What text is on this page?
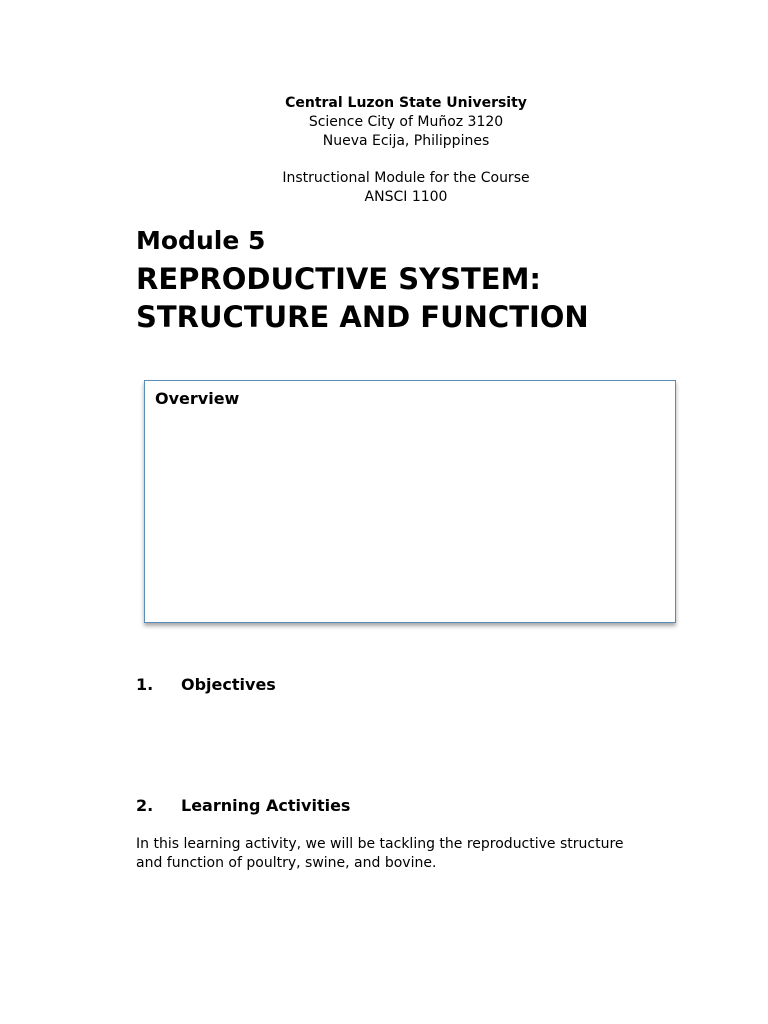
Central Luzon State University
Science City of Muñoz 3120
Nueva Ecija, Philippines
Instructional Module for the Course
ANSCI 1100
Module 5
REPRODUCTIVE SYSTEM:
STRUCTURE AND FUNCTION
Overview
1. Objectives
2. Learning Activities
In this learning activity, we will be tackling the reproductive structure and function of poultry, swine, and bovine.
